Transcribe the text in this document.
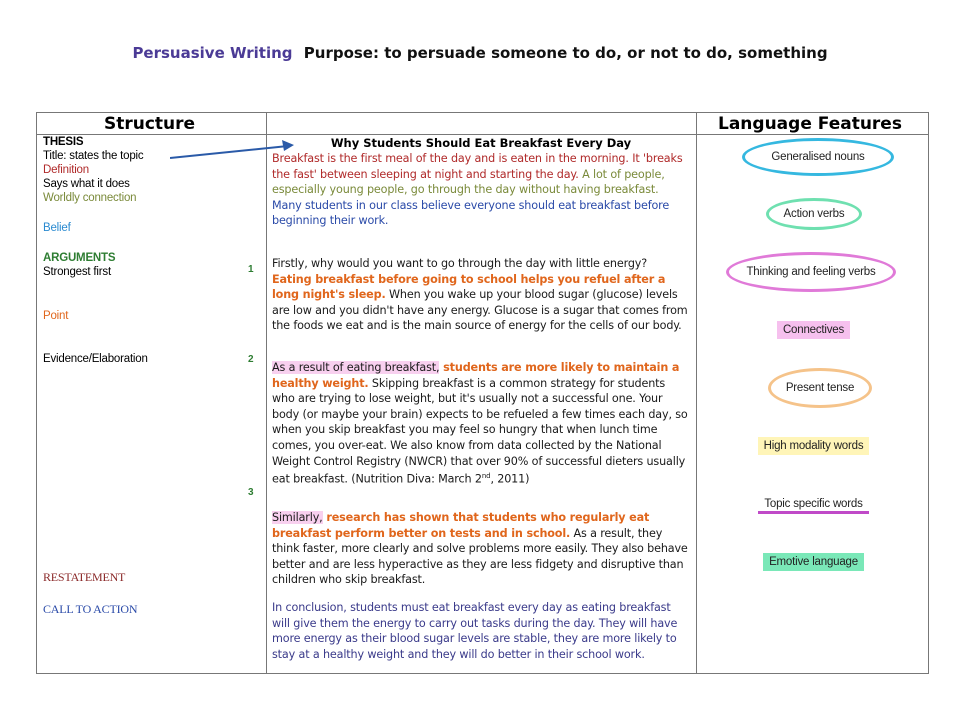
Persuasive Writing Purpose: to persuade someone to do, or not to do, something
Structure	Language Features
THESIS
Title: states the topic
Definition
Says what it does
Worldly connection
Belief
ARGUMENTS
Strongest first
Point
Evidence/Elaboration
RESTATEMENT
CALL TO ACTION
1
2
3
Why Students Should Eat Breakfast Every Day
Breakfast is the first meal of the day and is eaten in the morning. It 'breaks the fast' between sleeping at night and starting the day. A lot of people, especially young people, go through the day without having breakfast. Many students in our class believe everyone should eat breakfast before beginning their work.
Firstly, why would you want to go through the day with little energy? Eating breakfast before going to school helps you refuel after a long night's sleep. When you wake up your blood sugar (glucose) levels are low and you didn't have any energy. Glucose is a sugar that comes from the foods we eat and is the main source of energy for the cells of our body.
As a result of eating breakfast, students are more likely to maintain a healthy weight. Skipping breakfast is a common strategy for students who are trying to lose weight, but it's usually not a successful one. Your body (or maybe your brain) expects to be refueled a few times each day, so when you skip breakfast you may feel so hungry that when lunch time comes, you over-eat. We also know from data collected by the National Weight Control Registry (NWCR) that over 90% of successful dieters usually eat breakfast. (Nutrition Diva: March 2nd, 2011)
Similarly, research has shown that students who regularly eat breakfast perform better on tests and in school. As a result, they think faster, more clearly and solve problems more easily. They also behave better and are less hyperactive as they are less fidgety and disruptive than children who skip breakfast.
In conclusion, students must eat breakfast every day as eating breakfast will give them the energy to carry out tasks during the day. They will have more energy as their blood sugar levels are stable, they are more likely to stay at a healthy weight and they will do better in their school work.
Generalised nouns
Action verbs
Thinking and feeling verbs
Connectives
Present tense
High modality words
Topic specific words
Emotive language
